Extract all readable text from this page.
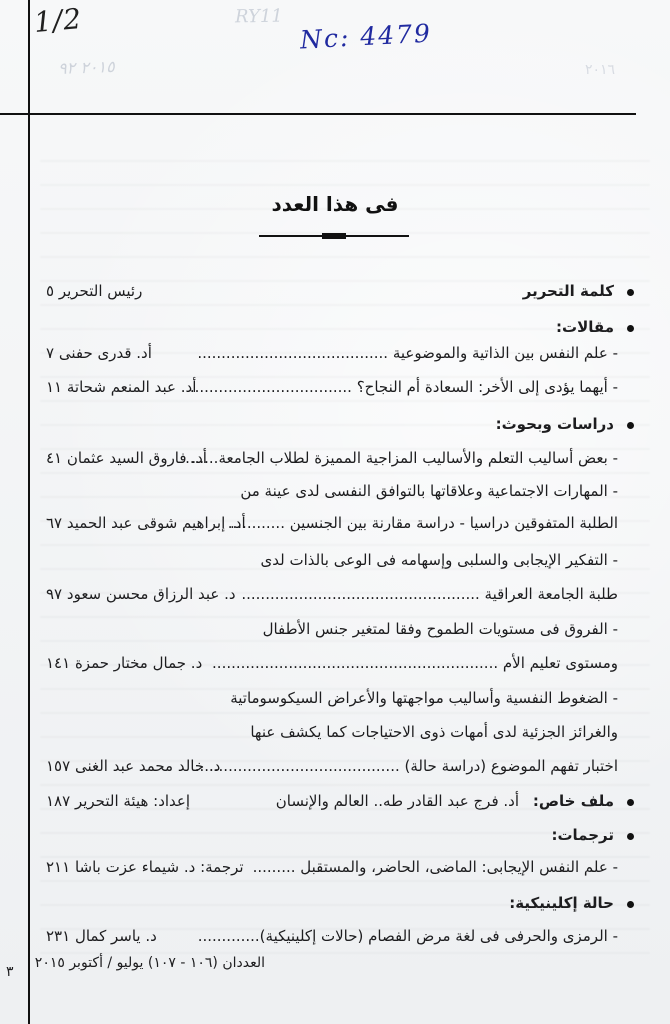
1/2	Nc: 4479
RY11
٢٠١٥ ٩٢	٢٠١٦
فى هذا العدد
كلمة التحرير
رئيس التحرير ٥
مقالات:
- علم النفس بين الذاتية والموضوعية ........................................
أد. قدرى حفنى ٧
- أيهما يؤدى إلى الأخر: السعادة أم النجاح؟ ..................................
أد. عبد المنعم شحاتة ١١
دراسات وبحوث:
- بعض أساليب التعلم والأساليب المزاجية المميزة لطلاب الجامعة.......
أد. فاروق السيد عثمان ٤١
- المهارات الاجتماعية وعلاقاتها بالتوافق النفسى لدى عينة من
الطلبة المتفوقين دراسيا - دراسة مقارنة بين الجنسين ............
أد. إبراهيم شوقى عبد الحميد ٦٧
- التفكير الإيجابى والسلبى وإسهامه فى الوعى بالذات لدى
طلبة الجامعة العراقية ..................................................
د. عبد الرزاق محسن سعود ٩٧
- الفروق فى مستويات الطموح وفقا لمتغير جنس الأطفال
ومستوى تعليم الأم ............................................................
د. جمال مختار حمزة ١٤١
- الضغوط النفسية وأساليب مواجهتها والأعراض السيكوسوماتية
والغرائز الجزئية لدى أمهات ذوى الاحتياجات كما يكشف عنها
اختبار تفهم الموضوع (دراسة حالة) ...........................................
د. خالد محمد عبد الغنى ١٥٧
ملف خاص:
أد. فرج عبد القادر طه.. العالم والإنسان
إعداد: هيئة التحرير ١٨٧
ترجمات:
- علم النفس الإيجابى: الماضى، الحاضر، والمستقبل .........
ترجمة: د. شيماء عزت باشا ٢١١
حالة إكلينيكية:
- الرمزى والحرفى فى لغة مرض الفصام (حالات إكلينيكية).............
د. ياسر كمال ٢٣١
العددان (١٠٦ - ١٠٧) يوليو / أكتوبر ٢٠١٥
٣
